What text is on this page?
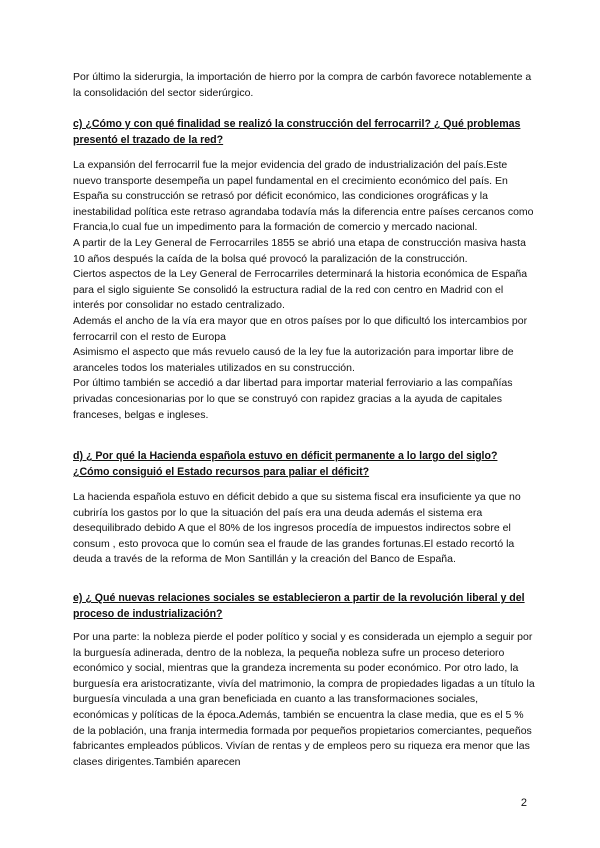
Por último la siderurgia, la importación de hierro por la compra de carbón favorece notablemente a la consolidación del sector siderúrgico.

c) ¿Cómo y con qué finalidad se realizó la construcción del ferrocarril? ¿ Qué problemas presentó el trazado de la red?

La expansión del ferrocarril fue la mejor evidencia del grado de industrialización del país.Este nuevo transporte desempeña un papel fundamental en el crecimiento económico del país. En España su construcción se retrasó por déficit económico, las condiciones orográficas y la inestabilidad política este retraso agrandaba todavía más la diferencia entre países cercanos como Francia,lo cual fue un impedimento para la formación de comercio y mercado nacional.

A partir de la Ley General de Ferrocarriles 1855 se abrió una etapa de construcción masiva hasta 10 años después la caída de la bolsa qué provocó la paralización de la construcción.

Ciertos aspectos de la Ley General de Ferrocarriles determinará la historia económica de España para el siglo siguiente Se consolidó la estructura radial de la red con centro en Madrid con el interés por consolidar no estado centralizado.

Además el ancho de la vía era mayor que en otros países por lo que dificultó los intercambios por ferrocarril con el resto de Europa

Asimismo el aspecto que más revuelo causó de la ley fue la autorización para importar libre de aranceles todos los materiales utilizados en su construcción.

Por último también se accedió a dar libertad para importar material ferroviario a las compañías privadas concesionarias por lo que se construyó con rapidez gracias a la ayuda de capitales franceses, belgas e ingleses.

d) ¿ Por qué la Hacienda española estuvo en déficit permanente a lo largo del siglo? ¿Cómo consiguió el Estado recursos para paliar el déficit?

La hacienda española estuvo en déficit debido a que su sistema fiscal era insuficiente ya que no cubriría los gastos por lo que la situación del país era una deuda además el sistema era desequilibrado debido A que el 80% de los ingresos procedía de impuestos indirectos sobre el consum , esto provoca que lo común sea el fraude de las grandes fortunas.El estado recortó la deuda a través de la reforma de Mon Santillán y la creación del Banco de España.

e) ¿ Qué nuevas relaciones sociales se establecieron a partir de la revolución liberal y del proceso de industrialización?

Por una parte: la nobleza pierde el poder político y social y es considerada un ejemplo a seguir por la burguesía adinerada, dentro de la nobleza, la pequeña nobleza sufre un proceso deterioro económico y social, mientras que la grandeza incrementa su poder económico. Por otro lado, la burguesía era aristocratizante, vivía del matrimonio, la compra de propiedades ligadas a un título la burguesía vinculada a una gran beneficiada en cuanto a las transformaciones sociales, económicas y políticas de la época.Además, también se encuentra la clase media, que es el 5 % de la población, una franja intermedia formada por pequeños propietarios comerciantes, pequeños fabricantes empleados públicos. Vivían de rentas y de empleos pero su riqueza era menor que las clases dirigentes.También aparecen

2
